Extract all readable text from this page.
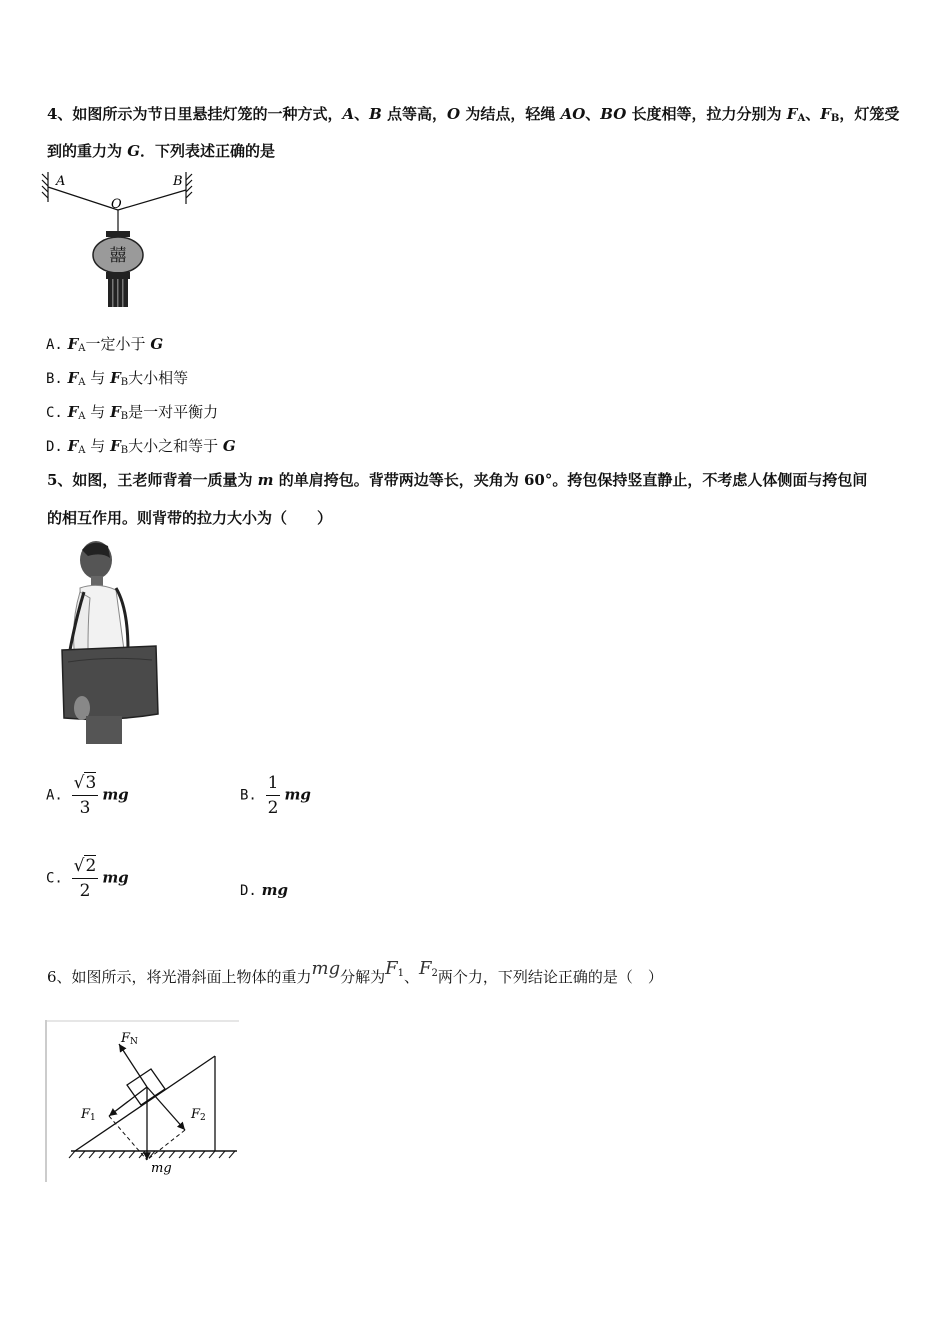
4、如图所示为节日里悬挂灯笼的一种方式，A、B 点等高，O 为结点，轻绳 AO、BO 长度相等，拉力分别为 $F_A$、$F_B$，灯笼受
到的重力为 G．下列表述正确的是
A	B
O
囍
A. $F_A$一定小于 G
B. $F_A$ 与 $F_B$大小相等
C. $F_A$ 与 $F_B$是一对平衡力
D. $F_A$ 与 $F_B$大小之和等于 G
5、如图，王老师背着一质量为 m 的单肩挎包。背带两边等长，夹角为 60°。挎包保持竖直静止，不考虑人体侧面与挎包间
的相互作用。则背带的拉力大小为（　　）
A. $\frac{√3}{3}$ mg	B. $\frac{1}{2}$ mg
C. $\frac{√2}{2}$ mg
D. mg
6、如图所示，将光滑斜面上物体的重力mg分解为$F^1$、$F^2$两个力，下列结论正确的是（　）
FN
F1	F2
mg
